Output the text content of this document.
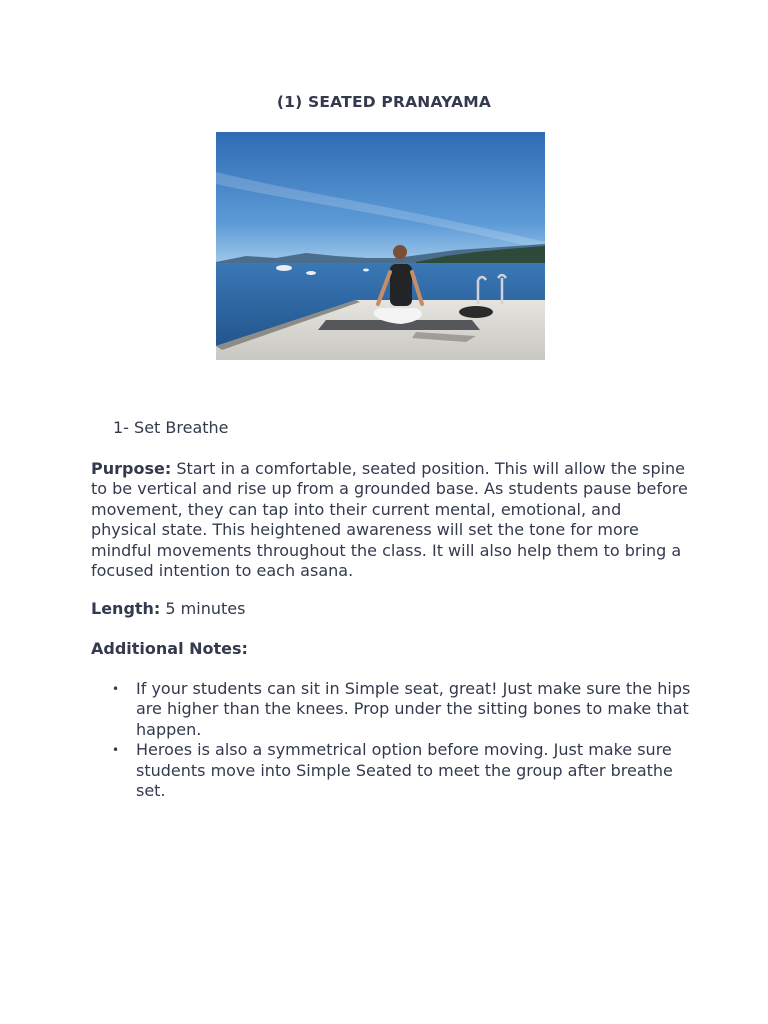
(1) SEATED PRANAYAMA
1- Set Breathe
Purpose: Start in a comfortable, seated position. This will allow the spine to be vertical and rise up from a grounded base. As students pause before movement, they can tap into their current mental, emotional, and physical state. This heightened awareness will set the tone for more mindful movements throughout the class. It will also help them to bring a focused intention to each asana.
Length: 5 minutes
Additional Notes:
• If your students can sit in Simple seat, great! Just make sure the hips are higher than the knees. Prop under the sitting bones to make that happen.
• Heroes is also a symmetrical option before moving. Just make sure students move into Simple Seated to meet the group after breathe set.
